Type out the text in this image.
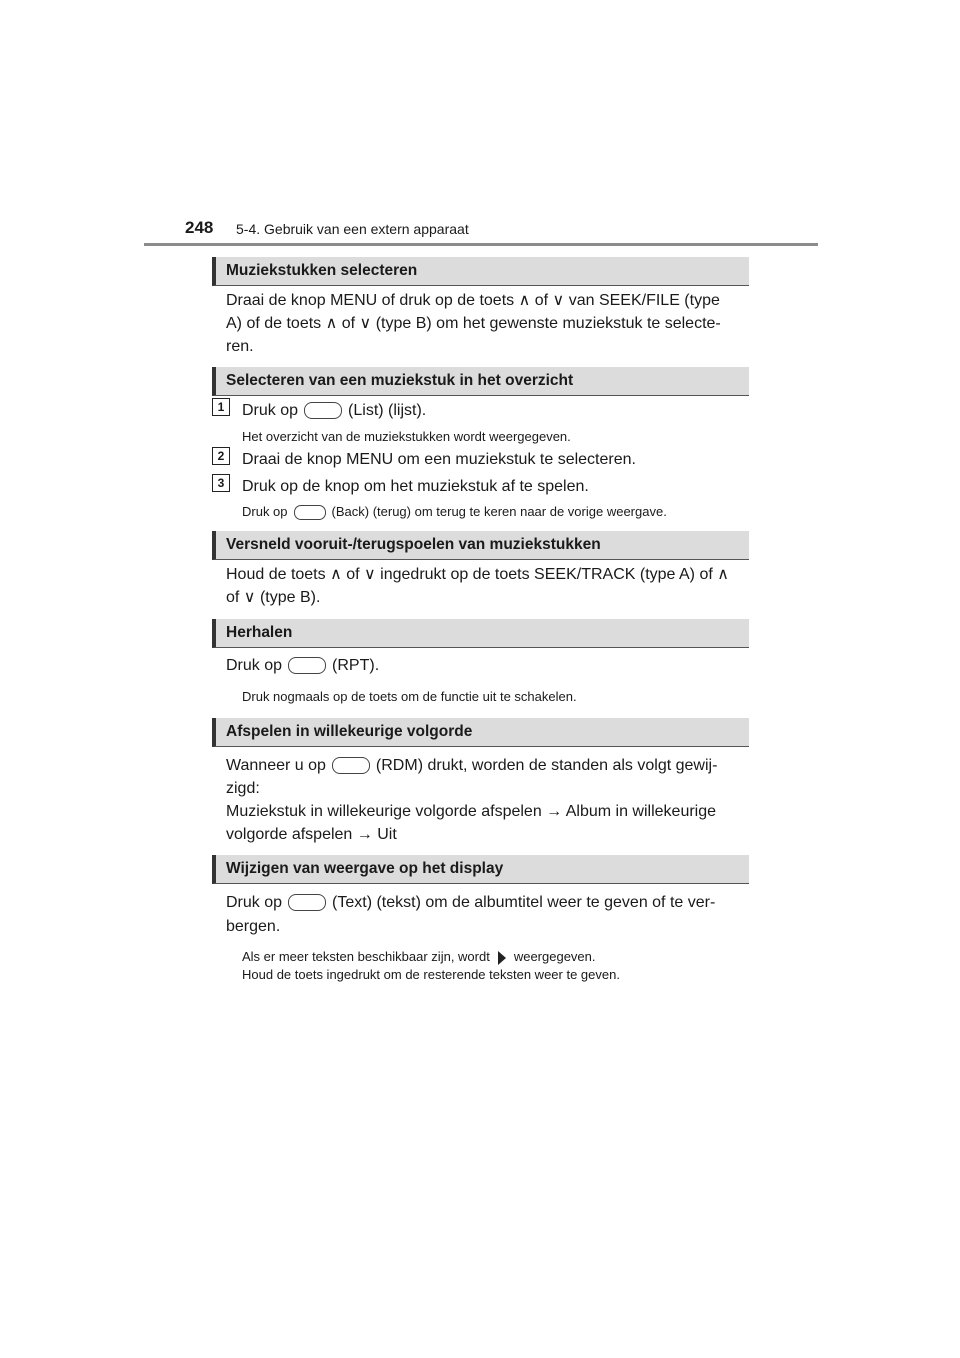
248 5-4. Gebruik van een extern apparaat
Muziekstukken selecteren
Draai de knop MENU of druk op de toets ∧ of ∨ van SEEK/FILE (type
A) of de toets ∧ of ∨ (type B) om het gewenste muziekstuk te selecte-
ren.
Selecteren van een muziekstuk in het overzicht
1	Druk op	(List) (lijst).
Het overzicht van de muziekstukken wordt weergegeven.
2	Draai de knop MENU om een muziekstuk te selecteren.
3	Druk op de knop om het muziekstuk af te spelen.
Druk op	(Back) (terug) om terug te keren naar de vorige weergave.
Versneld vooruit-/terugspoelen van muziekstukken
Houd de toets ∧ of ∨ ingedrukt op de toets SEEK/TRACK (type A) of ∧
of ∨ (type B).
Herhalen
Druk op	(RPT).
Druk nogmaals op de toets om de functie uit te schakelen.
Afspelen in willekeurige volgorde
Wanneer u op	(RDM) drukt, worden de standen als volgt gewij-
zigd:
Muziekstuk in willekeurige volgorde afspelen → Album in willekeurige
volgorde afspelen → Uit
Wijzigen van weergave op het display
Druk op	(Text) (tekst) om de albumtitel weer te geven of te ver-
bergen.
Als er meer teksten beschikbaar zijn, wordt weergegeven.
Houd de toets ingedrukt om de resterende teksten weer te geven.
